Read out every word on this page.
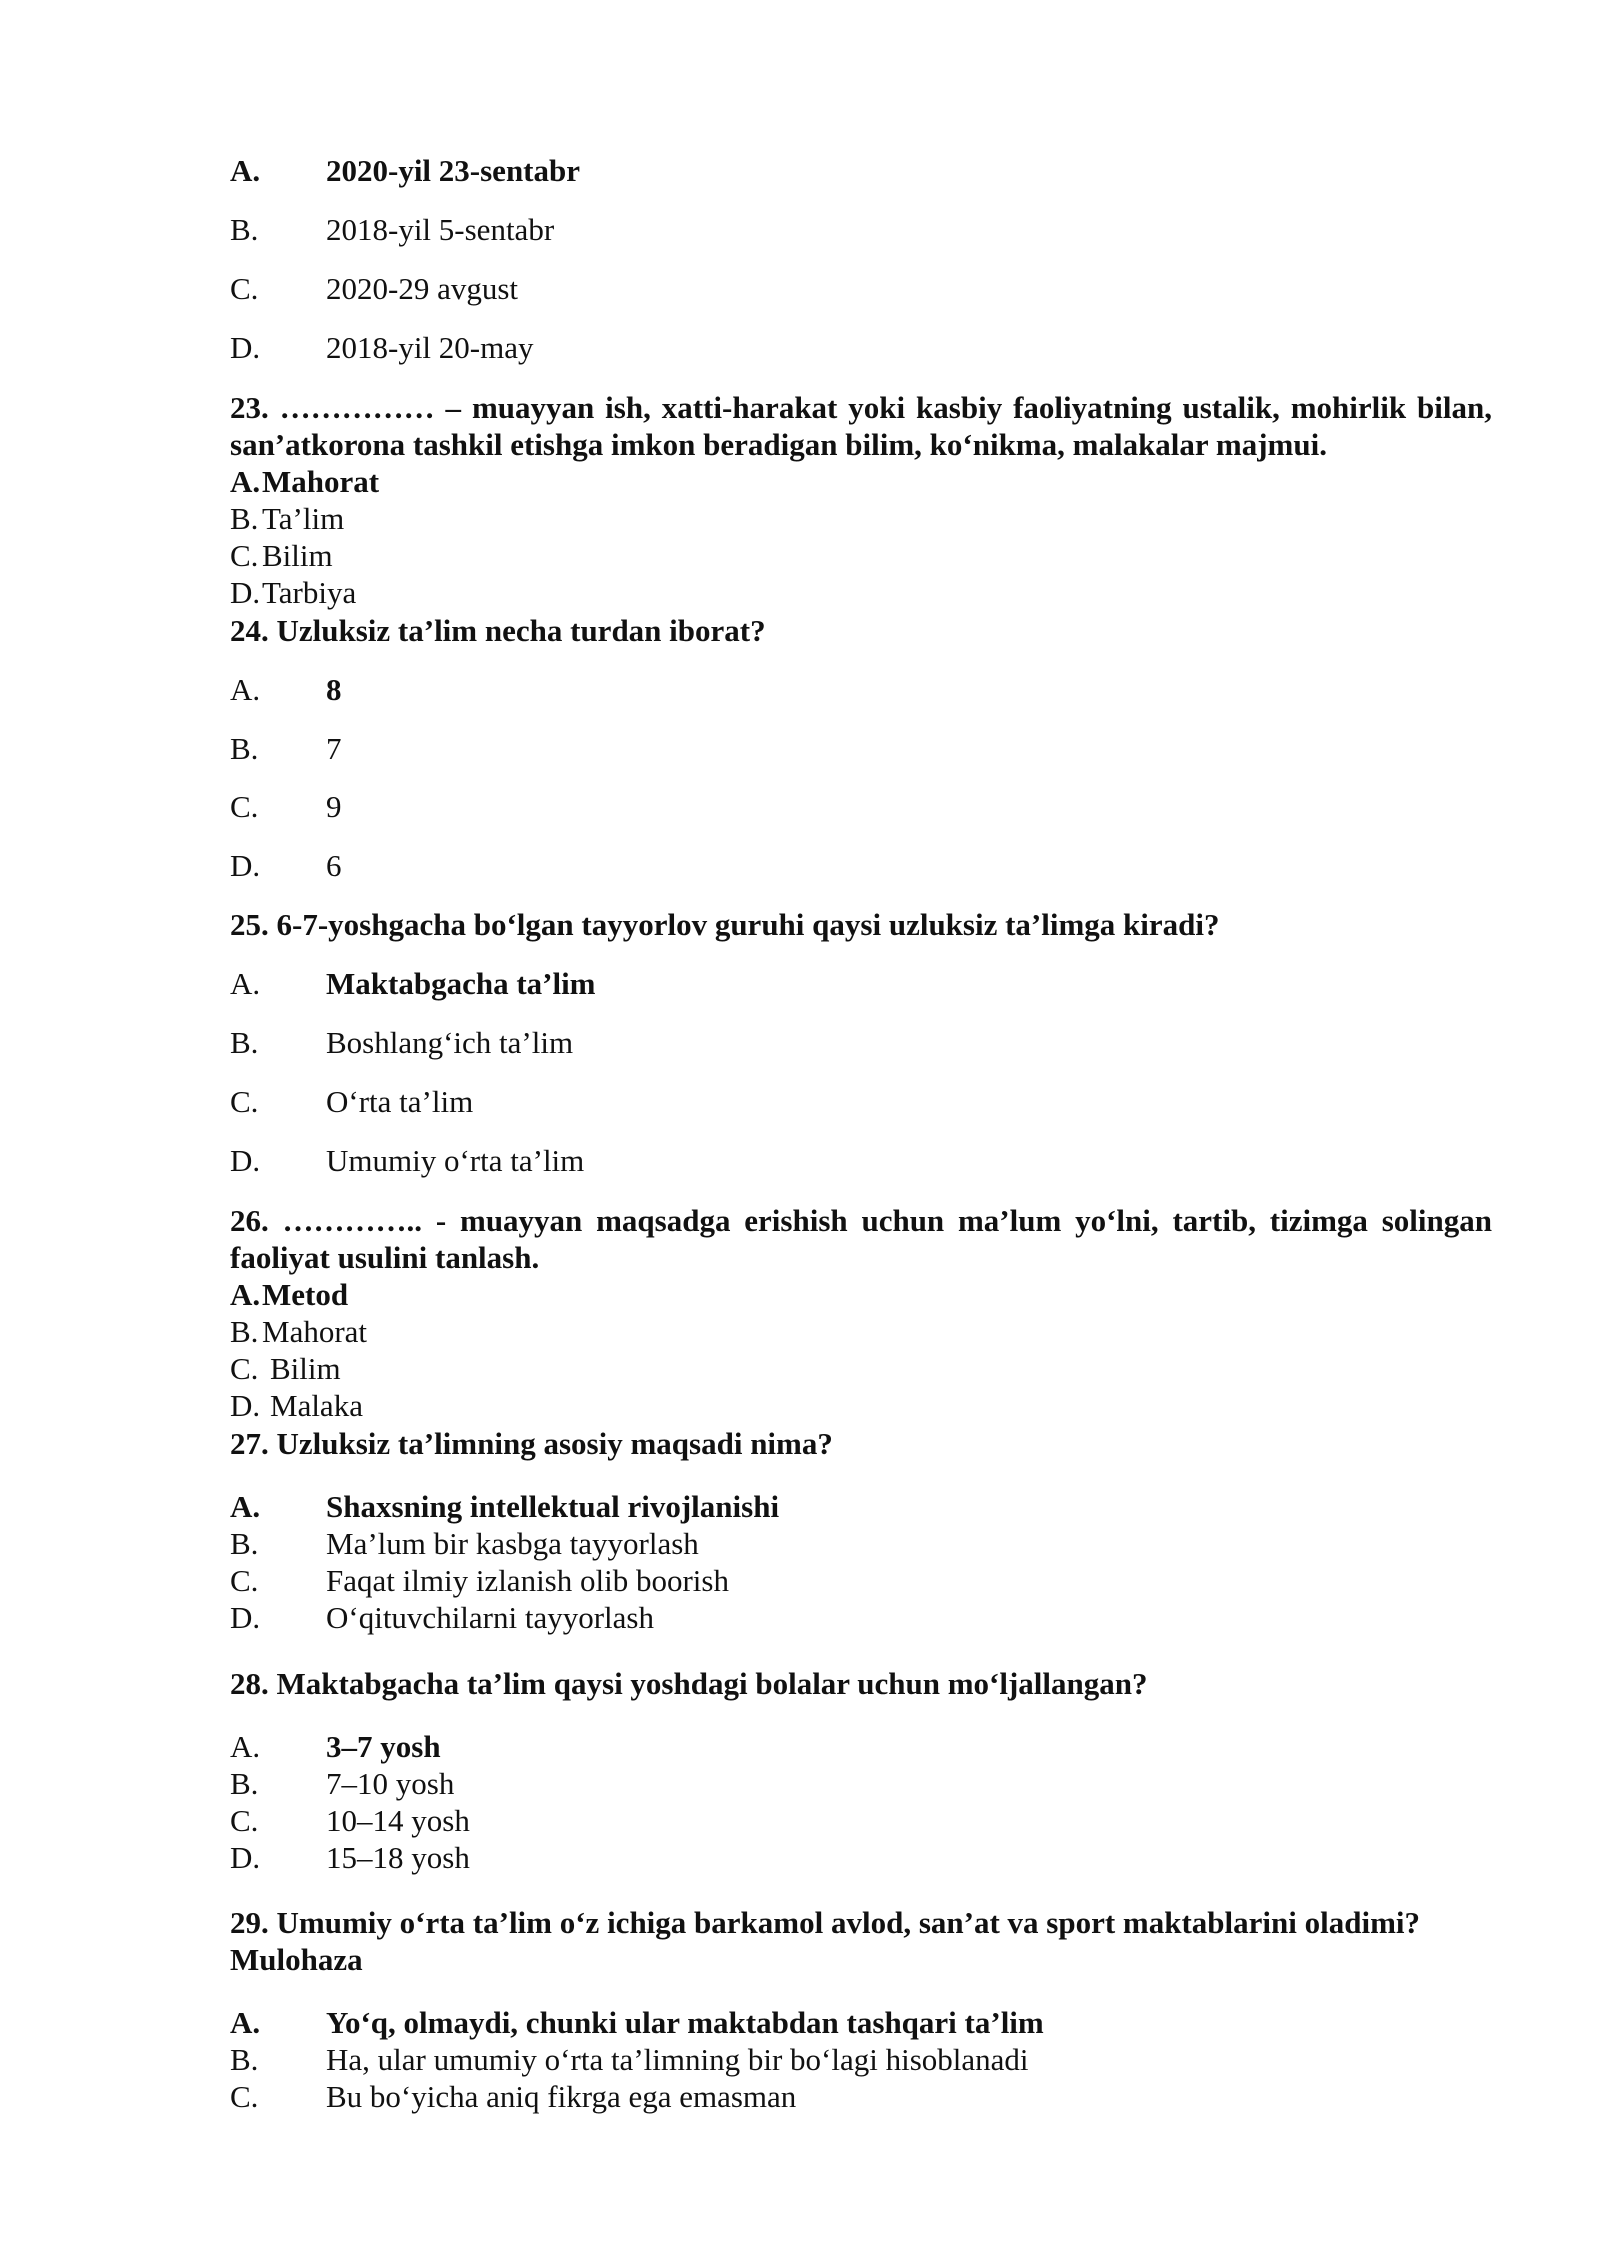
A. 2020-yil 23-sentabr
B. 2018-yil 5-sentabr
C. 2020-29 avgust
D. 2018-yil 20-may
23. …………… – muayyan ish, xatti-harakat yoki kasbiy faoliyatning ustalik, mohirlik bilan, san’atkorona tashkil etishga imkon beradigan bilim, koʻnikma, malakalar majmui.
A.Mahorat
B. Ta’lim
C. Bilim
D.Tarbiya
24. Uzluksiz ta’lim necha turdan iborat?
A. 8
B. 7
C. 9
D. 6
25. 6-7-yoshgacha boʻlgan tayyorlov guruhi qaysi uzluksiz ta’limga kiradi?
A. Maktabgacha ta’lim
B. Boshlangʻich ta’lim
C. Oʻrta ta’lim
D. Umumiy oʻrta ta’lim
26. ………….. - muayyan maqsadga erishish uchun ma’lum yoʻlni, tartib, tizimga solingan faoliyat usulini tanlash.
A.Metod
B. Mahorat
C. Bilim
D. Malaka
27. Uzluksiz ta’limning asosiy maqsadi nima?
A. Shaxsning intellektual rivojlanishi
B. Ma’lum bir kasbga tayyorlash
C. Faqat ilmiy izlanish olib boorish
D. Oʻqituvchilarni tayyorlash
28. Maktabgacha ta’lim qaysi yoshdagi bolalar uchun moʻljallangan?
A. 3–7 yosh
B. 7–10 yosh
C. 10–14 yosh
D. 15–18 yosh
29. Umumiy oʻrta ta’lim oʻz ichiga barkamol avlod, san’at va sport maktablarini oladimi? Mulohaza
A. Yoʻq, olmaydi, chunki ular maktabdan tashqari ta’lim
B. Ha, ular umumiy oʻrta ta’limning bir boʻlagi hisoblanadi
C. Bu boʻyicha aniq fikrga ega emasman
